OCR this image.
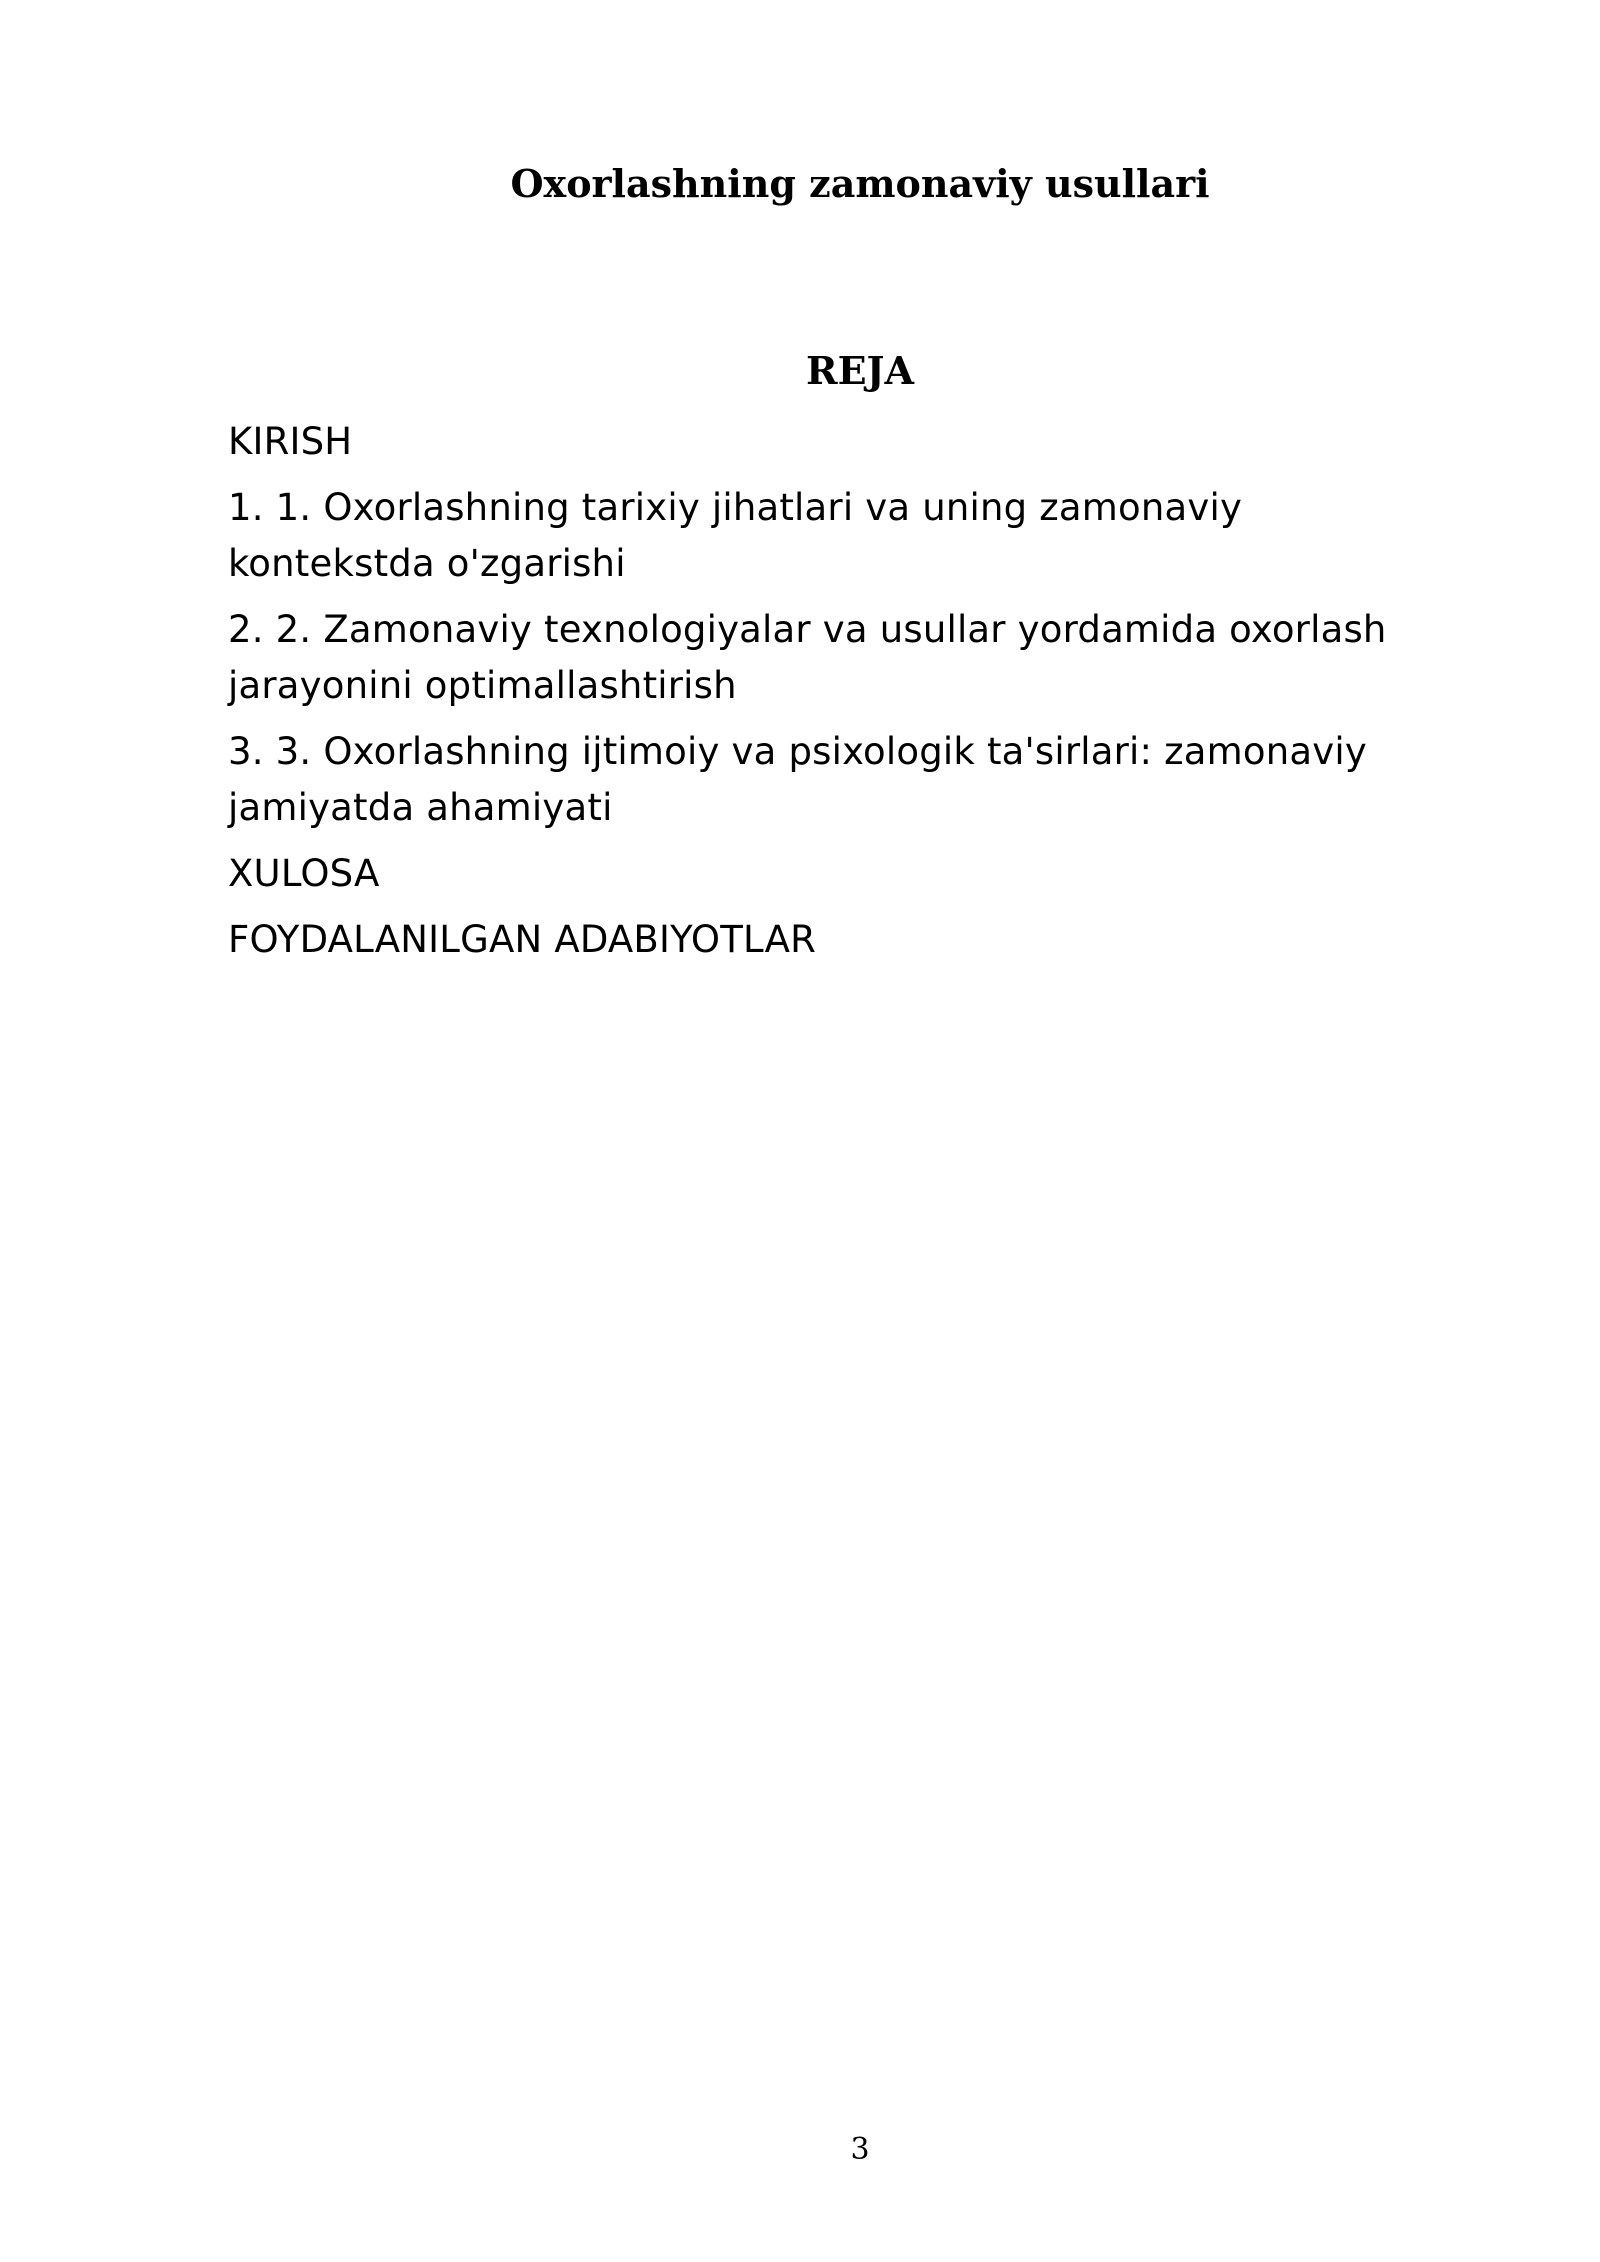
Oxorlashning zamonaviy usullari
REJA
KIRISH
1. 1. Oxorlashning tarixiy jihatlari va uning zamonaviy kontekstda o'zgarishi
2. 2. Zamonaviy texnologiyalar va usullar yordamida oxorlash jarayonini optimallashtirish
3. 3. Oxorlashning ijtimoiy va psixologik ta'sirlari: zamonaviy jamiyatda ahamiyati
XULOSA
FOYDALANILGAN ADABIYOTLAR
3
